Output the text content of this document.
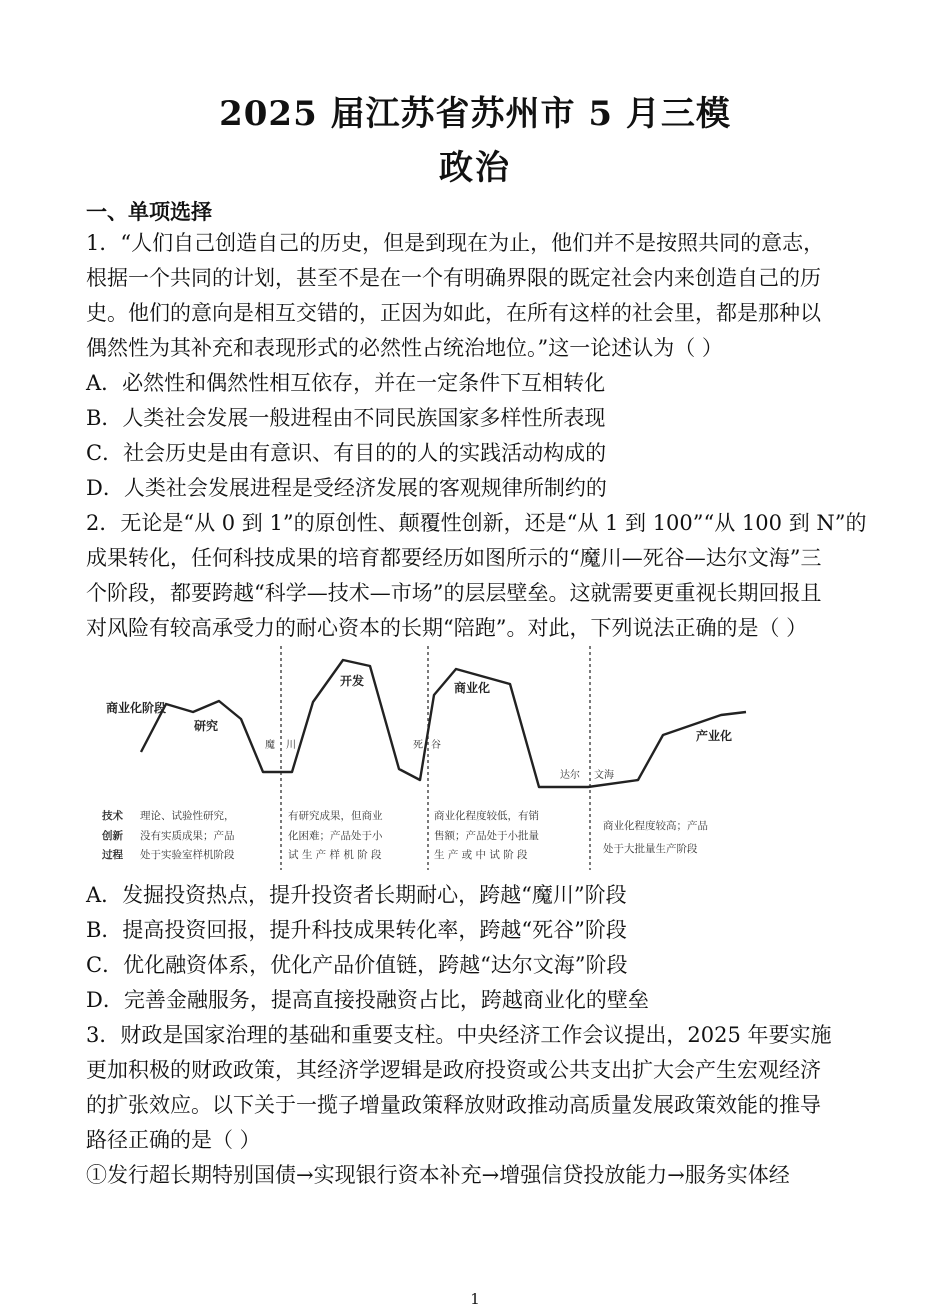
2025 届江苏省苏州市 5 月三模
政治
一、单项选择
1．“人们自己创造自己的历史，但是到现在为止，他们并不是按照共同的意志，
根据一个共同的计划，甚至不是在一个有明确界限的既定社会内来创造自己的历
史。他们的意向是相互交错的，正因为如此，在所有这样的社会里，都是那种以
偶然性为其补充和表现形式的必然性占统治地位。”这一论述认为（ ）
A．必然性和偶然性相互依存，并在一定条件下互相转化
B．人类社会发展一般进程由不同民族国家多样性所表现
C．社会历史是由有意识、有目的的人的实践活动构成的
D．人类社会发展进程是受经济发展的客观规律所制约的
2．无论是“从 0 到 1”的原创性、颠覆性创新，还是“从 1 到 100”“从 100 到 N”的
成果转化，任何科技成果的培育都要经历如图所示的“魔川—死谷—达尔文海”三
个阶段，都要跨越“科学—技术—市场”的层层壁垒。这就需要更重视长期回报且
对风险有较高承受力的耐心资本的长期“陪跑”。对此，下列说法正确的是（ ）
商业化阶段
研究
开发	商业化
产业化
魔 川	死 谷
达尔 文海
技术
创新
过程
理论、试验性研究，
没有实质成果；产品
处于实验室样机阶段
有研究成果，但商业
化困难；产品处于小
试 生 产 样 机 阶 段
商业化程度较低，有销
售额；产品处于小批量
生 产 或 中 试 阶 段
商业化程度较高；产品
处于大批量生产阶段
A．发掘投资热点，提升投资者长期耐心，跨越“魔川”阶段
B．提高投资回报，提升科技成果转化率，跨越“死谷”阶段
C．优化融资体系，优化产品价值链，跨越“达尔文海”阶段
D．完善金融服务，提高直接投融资占比，跨越商业化的壁垒
3．财政是国家治理的基础和重要支柱。中央经济工作会议提出，2025 年要实施
更加积极的财政政策，其经济学逻辑是政府投资或公共支出扩大会产生宏观经济
的扩张效应。以下关于一揽子增量政策释放财政推动高质量发展政策效能的推导
路径正确的是（ ）
①发行超长期特别国债→实现银行资本补充→增强信贷投放能力→服务实体经
1
